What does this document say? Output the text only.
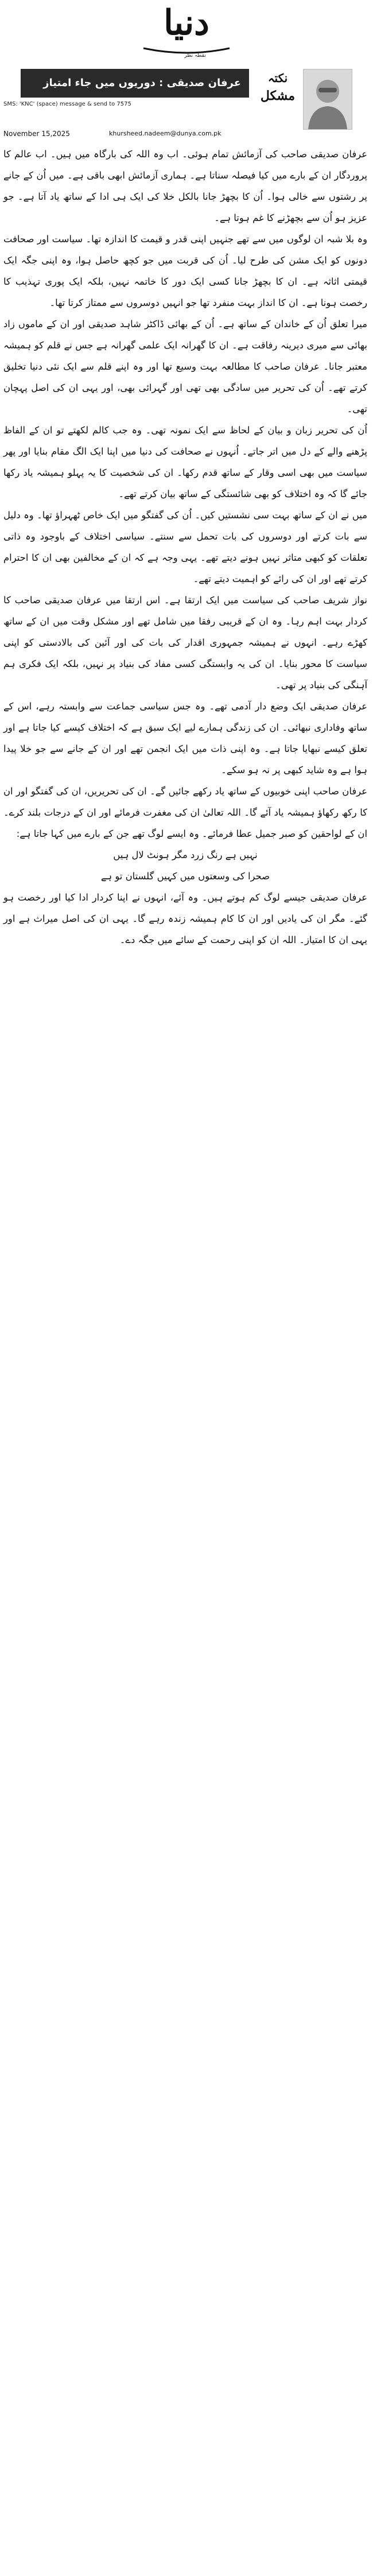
دنیا
نقطہ نظر
عرفان صدیقی : دوریوں میں جاء امتیاز	نکتہ
مشکل
SMS: 'KNC' (space) message & send to 7575
November 15,2025	khursheed.nadeem@dunya.com.pk

عرفان صدیقی صاحب کی آزمائش تمام ہوئی۔ اب وہ اللہ کی بارگاہ میں ہیں۔ اب عالم کا پروردگار ان کے بارے میں کیا فیصلہ سناتا ہے۔ ہماری آزمائش ابھی باقی ہے۔ میں اُن کے جانے پر رشتوں سے خالی ہوا۔ اُن کا بچھڑ جانا بالکل خلا کی ایک ہی ادا کے ساتھ یاد آتا ہے۔ جو عزیز ہو اُن سے بچھڑنے کا غم ہوتا ہے۔

وہ بلا شبہ ان لوگوں میں سے تھے جنہیں اپنی قدر و قیمت کا اندازہ تھا۔ سیاست اور صحافت دونوں کو ایک مشن کی طرح لیا۔ اُن کی قربت میں جو کچھ حاصل ہوا، وہ اپنی جگہ ایک قیمتی اثاثہ ہے۔ ان کا بچھڑ جانا کسی ایک دور کا خاتمہ نہیں، بلکہ ایک پوری تہذیب کا رخصت ہونا ہے۔ ان کا انداز بہت منفرد تھا جو انہیں دوسروں سے ممتاز کرتا تھا۔

میرا تعلق اُن کے خاندان کے ساتھ ہے۔ اُن کے بھائی ڈاکٹر شاہد صدیقی اور ان کے ماموں زاد بھائی سے میری دیرینہ رفاقت ہے۔ ان کا گھرانہ ایک علمی گھرانہ ہے جس نے قلم کو ہمیشہ معتبر جانا۔ عرفان صاحب کا مطالعہ بہت وسیع تھا اور وہ اپنے قلم سے ایک نئی دنیا تخلیق کرتے تھے۔ اُن کی تحریر میں سادگی بھی تھی اور گہرائی بھی، اور یہی ان کی اصل پہچان تھی۔

اُن کی تحریر زبان و بیان کے لحاظ سے ایک نمونہ تھی۔ وہ جب کالم لکھتے تو ان کے الفاظ پڑھنے والے کے دل میں اتر جاتے۔ اُنہوں نے صحافت کی دنیا میں اپنا ایک الگ مقام بنایا اور پھر سیاست میں بھی اسی وقار کے ساتھ قدم رکھا۔ ان کی شخصیت کا یہ پہلو ہمیشہ یاد رکھا جائے گا کہ وہ اختلاف کو بھی شائستگی کے ساتھ بیان کرتے تھے۔

میں نے ان کے ساتھ بہت سی نشستیں کیں۔ اُن کی گفتگو میں ایک خاص ٹھہراؤ تھا۔ وہ دلیل سے بات کرتے اور دوسروں کی بات تحمل سے سنتے۔ سیاسی اختلاف کے باوجود وہ ذاتی تعلقات کو کبھی متاثر نہیں ہونے دیتے تھے۔ یہی وجہ ہے کہ ان کے مخالفین بھی ان کا احترام کرتے تھے اور ان کی رائے کو اہمیت دیتے تھے۔

نواز شریف صاحب کی سیاست میں ایک ارتقا ہے۔ اس ارتقا میں عرفان صدیقی صاحب کا کردار بہت اہم رہا۔ وہ ان کے قریبی رفقا میں شامل تھے اور مشکل وقت میں ان کے ساتھ کھڑے رہے۔ انہوں نے ہمیشہ جمہوری اقدار کی بات کی اور آئین کی بالادستی کو اپنی سیاست کا محور بنایا۔ ان کی یہ وابستگی کسی مفاد کی بنیاد پر نہیں، بلکہ ایک فکری ہم آہنگی کی بنیاد پر تھی۔

عرفان صدیقی ایک وضع دار آدمی تھے۔ وہ جس سیاسی جماعت سے وابستہ رہے، اس کے ساتھ وفاداری نبھائی۔ ان کی زندگی ہمارے لیے ایک سبق ہے کہ اختلاف کیسے کیا جاتا ہے اور تعلق کیسے نبھایا جاتا ہے۔ وہ اپنی ذات میں ایک انجمن تھے اور ان کے جانے سے جو خلا پیدا ہوا ہے وہ شاید کبھی پر نہ ہو سکے۔

عرفان صاحب اپنی خوبیوں کے ساتھ یاد رکھے جائیں گے۔ ان کی تحریریں، ان کی گفتگو اور ان کا رکھ رکھاؤ ہمیشہ یاد آئے گا۔ اللہ تعالیٰ ان کی مغفرت فرمائے اور ان کے درجات بلند کرے۔ ان کے لواحقین کو صبر جمیل عطا فرمائے۔ وہ ایسے لوگ تھے جن کے بارے میں کہا جاتا ہے:

نہیں ہے رنگ زرد مگر ہونٹ لال ہیں

صحرا کی وسعتوں میں کہیں گلستان تو ہے

عرفان صدیقی جیسے لوگ کم ہوتے ہیں۔ وہ آئے، انہوں نے اپنا کردار ادا کیا اور رخصت ہو گئے۔ مگر ان کی یادیں اور ان کا کام ہمیشہ زندہ رہے گا۔ یہی ان کی اصل میراث ہے اور یہی ان کا امتیاز۔ اللہ ان کو اپنی رحمت کے سائے میں جگہ دے۔
